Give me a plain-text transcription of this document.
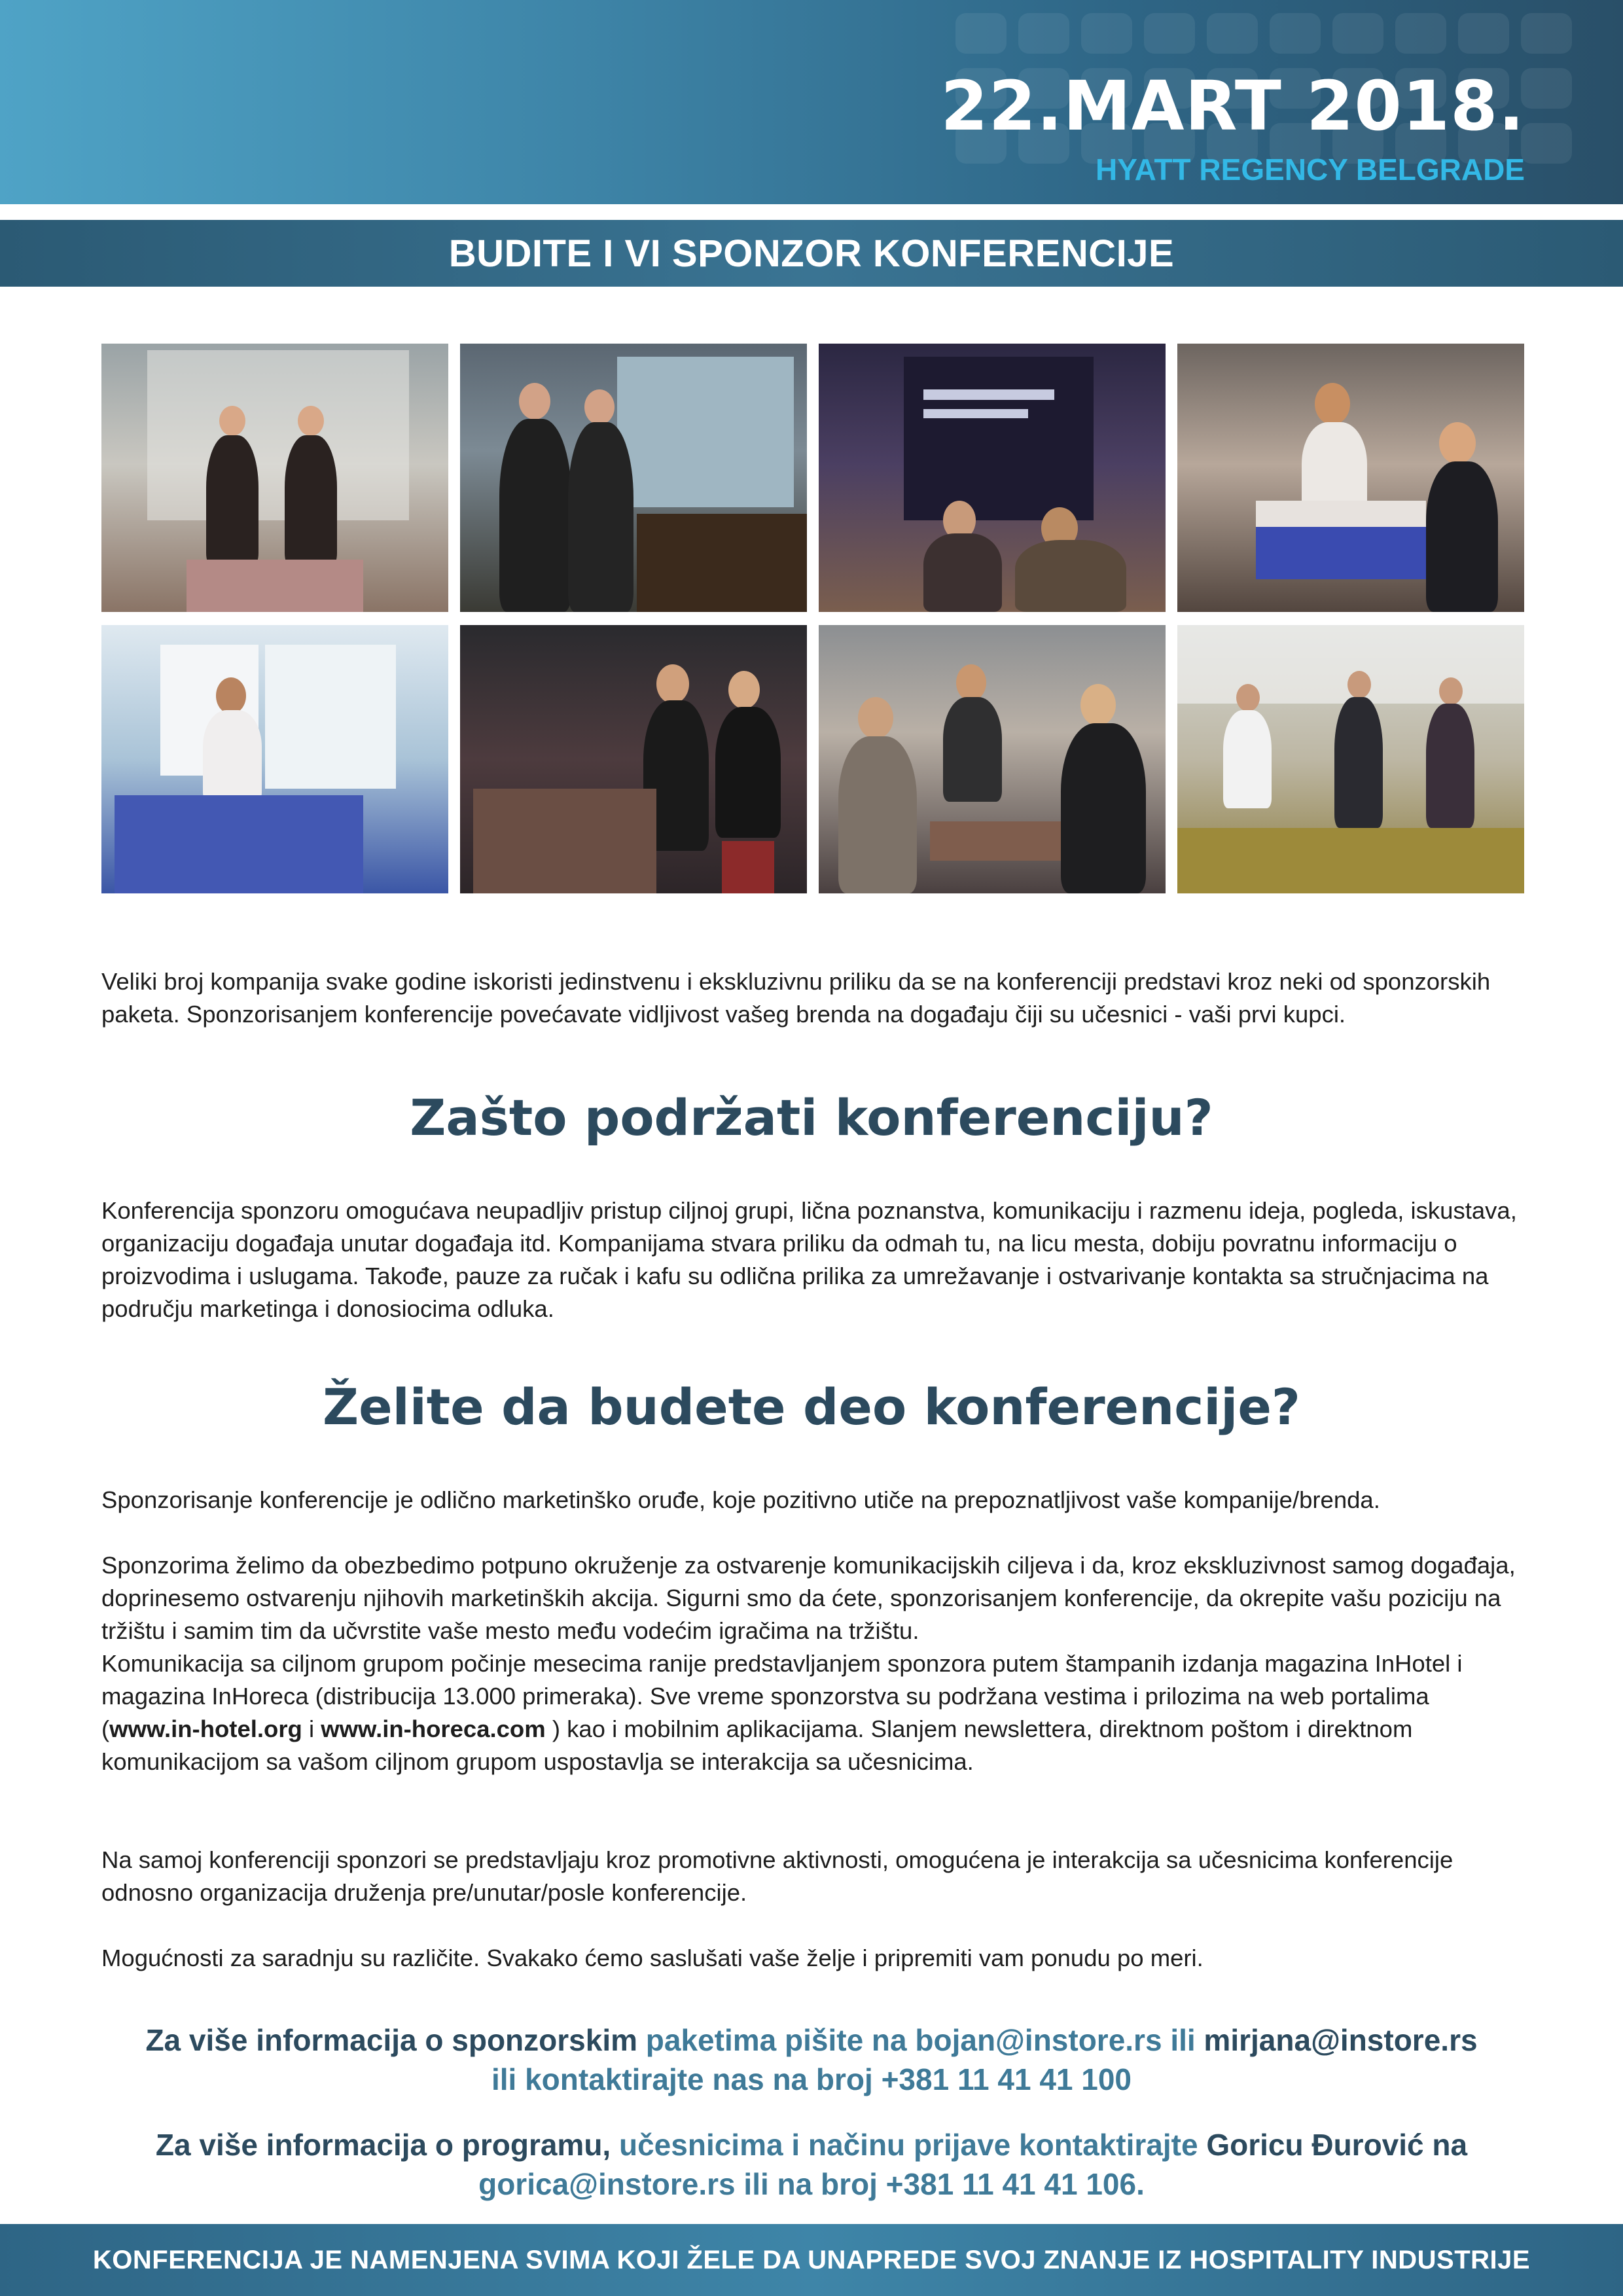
22.MART 2018.
HYATT REGENCY BELGRADE
BUDITE I VI SPONZOR KONFERENCIJE

Veliki broj kompanija svake godine iskoristi jedinstvenu i ekskluzivnu priliku da se na konferenciji predstavi kroz neki od sponzorskih paketa. Sponzorisanjem konferencije povećavate vidljivost vašeg brenda na događaju čiji su učesnici - vaši prvi kupci.

Zašto podržati konferenciju?

Konferencija sponzoru omogućava neupadljiv pristup ciljnoj grupi, lična poznanstva, komunikaciju i razmenu ideja, pogleda, iskustava, organizaciju događaja unutar događaja itd. Kompanijama stvara priliku da odmah tu, na licu mesta, dobiju povratnu informaciju o proizvodima i uslugama. Takođe, pauze za ručak i kafu su odlična prilika za umrežavanje i ostvarivanje kontakta sa stručnjacima na području marketinga i donosiocima odluka.

Želite da budete deo konferencije?

Sponzorisanje konferencije je odlično marketinško oruđe, koje pozitivno utiče na prepoznatljivost vaše kompanije/brenda.

Sponzorima želimo da obezbedimo potpuno okruženje za ostvarenje komunikacijskih ciljeva i da, kroz ekskluzivnost samog događaja, doprinesemo ostvarenju njihovih marketinških akcija. Sigurni smo da ćete, sponzorisanjem konferencije, da okrepite vašu poziciju na tržištu i samim tim da učvrstite vaše mesto među vodećim igračima na tržištu.

Komunikacija sa ciljnom grupom počinje mesecima ranije predstavljanjem sponzora putem štampanih izdanja magazina InHotel i magazina InHoreca (distribucija 13.000 primeraka). Sve vreme sponzorstva su podržana vestima i prilozima na web portalima (www.in-hotel.org i www.in-horeca.com ) kao i mobilnim aplikacijama. Slanjem newslettera, direktnom poštom i direktnom komunikacijom sa vašom ciljnom grupom uspostavlja se interakcija sa učesnicima.

Na samoj konferenciji sponzori se predstavljaju kroz promotivne aktivnosti, omogućena je interakcija sa učesnicima konferencije odnosno organizacija druženja pre/unutar/posle konferencije.

Mogućnosti za saradnju su različite. Svakako ćemo saslušati vaše želje i pripremiti vam ponudu po meri.

Za više informacija o sponzorskim paketima pišite na bojan@instore.rs ili mirjana@instore.rs
ili kontaktirajte nas na broj +381 11 41 41 100
Za više informacija o programu, učesnicima i načinu prijave kontaktirajte Goricu Đurović na
gorica@instore.rs ili na broj +381 11 41 41 106.
KONFERENCIJA JE NAMENJENA SVIMA KOJI ŽELE DA UNAPREDE SVOJ ZNANJE IZ HOSPITALITY INDUSTRIJE
